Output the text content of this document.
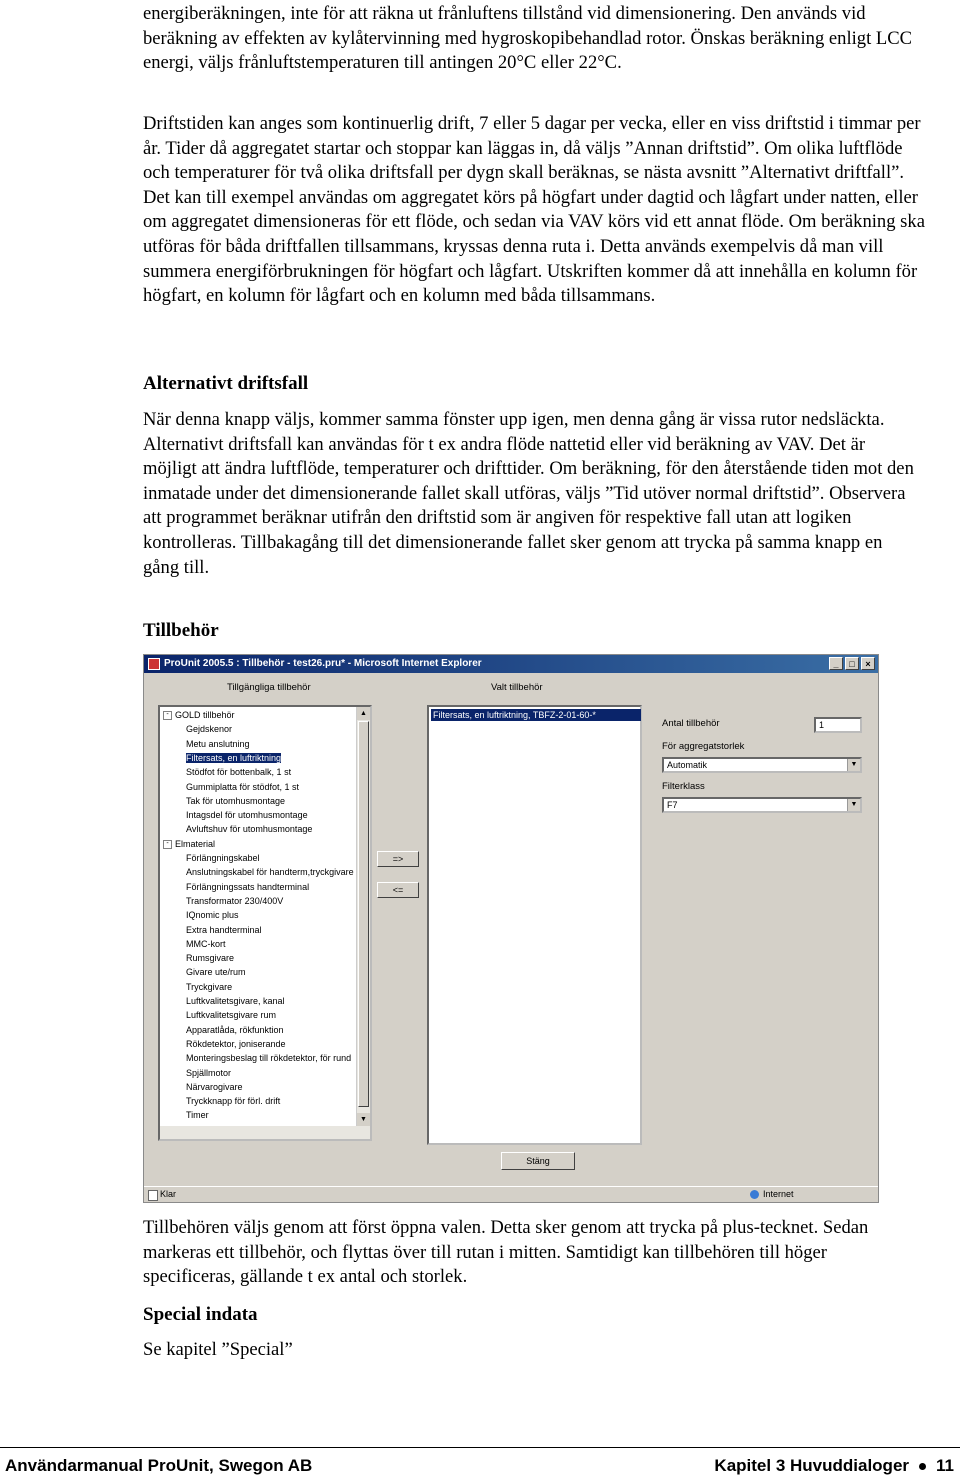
energiberäkningen, inte för att räkna ut frånluftens tillstånd vid dimensionering. Den används vid beräkning av effekten av kylåtervinning med hygroskopibehandlad rotor. Önskas beräkning enligt LCC energi, väljs frånluftstemperaturen till antingen 20°C eller 22°C.

Driftstiden kan anges som kontinuerlig drift, 7 eller 5 dagar per vecka, eller en viss driftstid i timmar per år. Tider då aggregatet startar och stoppar kan läggas in, då väljs ”Annan driftstid”. Om olika luftflöde och temperaturer för två olika driftsfall per dygn skall beräknas, se nästa avsnitt ”Alternativt driftfall”. Det kan till exempel användas om aggregatet körs på högfart under dagtid och lågfart under natten, eller om aggregatet dimensioneras för ett flöde, och sedan via VAV körs vid ett annat flöde. Om beräkning ska utföras för båda driftfallen tillsammans, kryssas denna ruta i. Detta används exempelvis då man vill summera energiförbrukningen för högfart och lågfart. Utskriften kommer då att innehålla en kolumn för högfart, en kolumn för lågfart och en kolumn med båda tillsammans.

Alternativt driftsfall

När denna knapp väljs, kommer samma fönster upp igen, men denna gång är vissa rutor nedsläckta. Alternativt driftsfall kan användas för t ex andra flöde nattetid eller vid beräkning av VAV. Det är möjligt att ändra luftflöde, temperaturer och drifttider. Om beräkning, för den återstående tiden mot den inmatade under det dimensionerande fallet skall utföras, väljs ”Tid utöver normal driftstid”. Observera att programmet beräknar utifrån den driftstid som är angiven för respektive fall utan att logiken kontrolleras. Tillbakagång till det dimensionerande fallet sker genom att trycka på samma knapp en gång till.

Tillbehör

Tillbehören väljs genom att först öppna valen. Detta sker genom att trycka på plus-tecknet. Sedan markeras ett tillbehör, och flyttas över till rutan i mitten. Samtidigt kan tillbehören till höger specificeras, gällande t ex antal och storlek.

Special indata

Se kapitel ”Special”

ProUnit 2005.5 : Tillbehör - test26.pru* - Microsoft Internet Explorer	_	□	×
Tillgängliga tillbehör	Valt tillbehör
Timer
Tryckknapp för förl. drift
Närvarogivare
Spjällmotor
Monteringsbeslag till rökdetektor, för rund
Rökdetektor, joniserande
Apparatlåda, rökfunktion
Luftkvalitetsgivare rum
Luftkvalitetsgivare, kanal
Tryckgivare
Givare ute/rum
Rumsgivare
MMC-kort
Extra handterminal
IQnomic plus
Transformator 230/400V
Förlängningssats handterminal
Anslutningskabel för handterm,tryckgivare
Förlängningskabel
- Elmaterial
Avluftshuv för utomhusmontage
Intagsdel för utomhusmontage
Tak för utomhusmontage
Gummiplatta för stödfot, 1 st
Stödfot för bottenbalk, 1 st
Filtersats, en luftriktning
Metu anslutning
Gejdskenor
- GOLD tillbehör	▲
▼
Filtersats, en luftriktning, TBFZ-2-01-60-*
=>
<=
Antal tillbehör	1
För aggregatstorlek
Automatik	▼
Filterklass
F7	▼
Stäng
Klar	Internet
Användarmanual ProUnit, Swegon AB	Kapitel 3 Huvuddialoger 11
